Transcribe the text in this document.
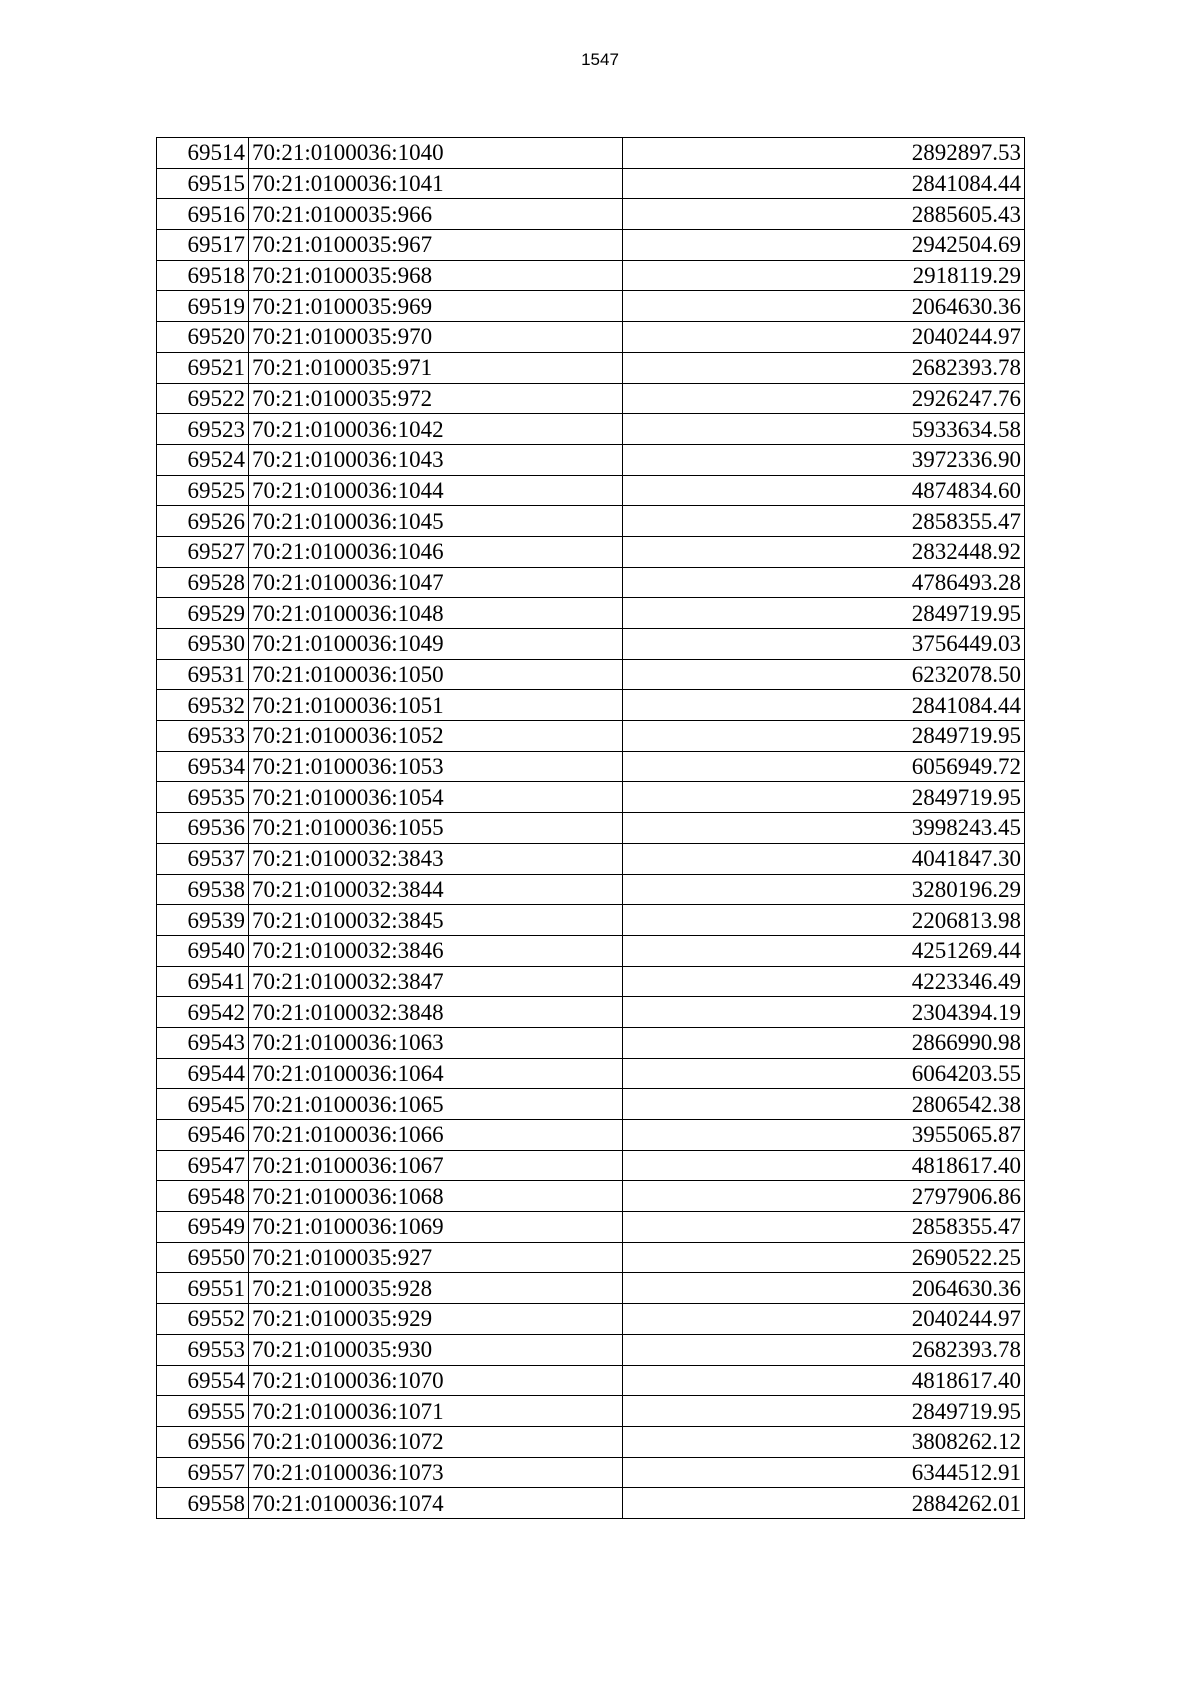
1547
69514	70:21:0100036:1040	2892897.53
69515	70:21:0100036:1041	2841084.44
69516	70:21:0100035:966	2885605.43
69517	70:21:0100035:967	2942504.69
69518	70:21:0100035:968	2918119.29
69519	70:21:0100035:969	2064630.36
69520	70:21:0100035:970	2040244.97
69521	70:21:0100035:971	2682393.78
69522	70:21:0100035:972	2926247.76
69523	70:21:0100036:1042	5933634.58
69524	70:21:0100036:1043	3972336.90
69525	70:21:0100036:1044	4874834.60
69526	70:21:0100036:1045	2858355.47
69527	70:21:0100036:1046	2832448.92
69528	70:21:0100036:1047	4786493.28
69529	70:21:0100036:1048	2849719.95
69530	70:21:0100036:1049	3756449.03
69531	70:21:0100036:1050	6232078.50
69532	70:21:0100036:1051	2841084.44
69533	70:21:0100036:1052	2849719.95
69534	70:21:0100036:1053	6056949.72
69535	70:21:0100036:1054	2849719.95
69536	70:21:0100036:1055	3998243.45
69537	70:21:0100032:3843	4041847.30
69538	70:21:0100032:3844	3280196.29
69539	70:21:0100032:3845	2206813.98
69540	70:21:0100032:3846	4251269.44
69541	70:21:0100032:3847	4223346.49
69542	70:21:0100032:3848	2304394.19
69543	70:21:0100036:1063	2866990.98
69544	70:21:0100036:1064	6064203.55
69545	70:21:0100036:1065	2806542.38
69546	70:21:0100036:1066	3955065.87
69547	70:21:0100036:1067	4818617.40
69548	70:21:0100036:1068	2797906.86
69549	70:21:0100036:1069	2858355.47
69550	70:21:0100035:927	2690522.25
69551	70:21:0100035:928	2064630.36
69552	70:21:0100035:929	2040244.97
69553	70:21:0100035:930	2682393.78
69554	70:21:0100036:1070	4818617.40
69555	70:21:0100036:1071	2849719.95
69556	70:21:0100036:1072	3808262.12
69557	70:21:0100036:1073	6344512.91
69558	70:21:0100036:1074	2884262.01
